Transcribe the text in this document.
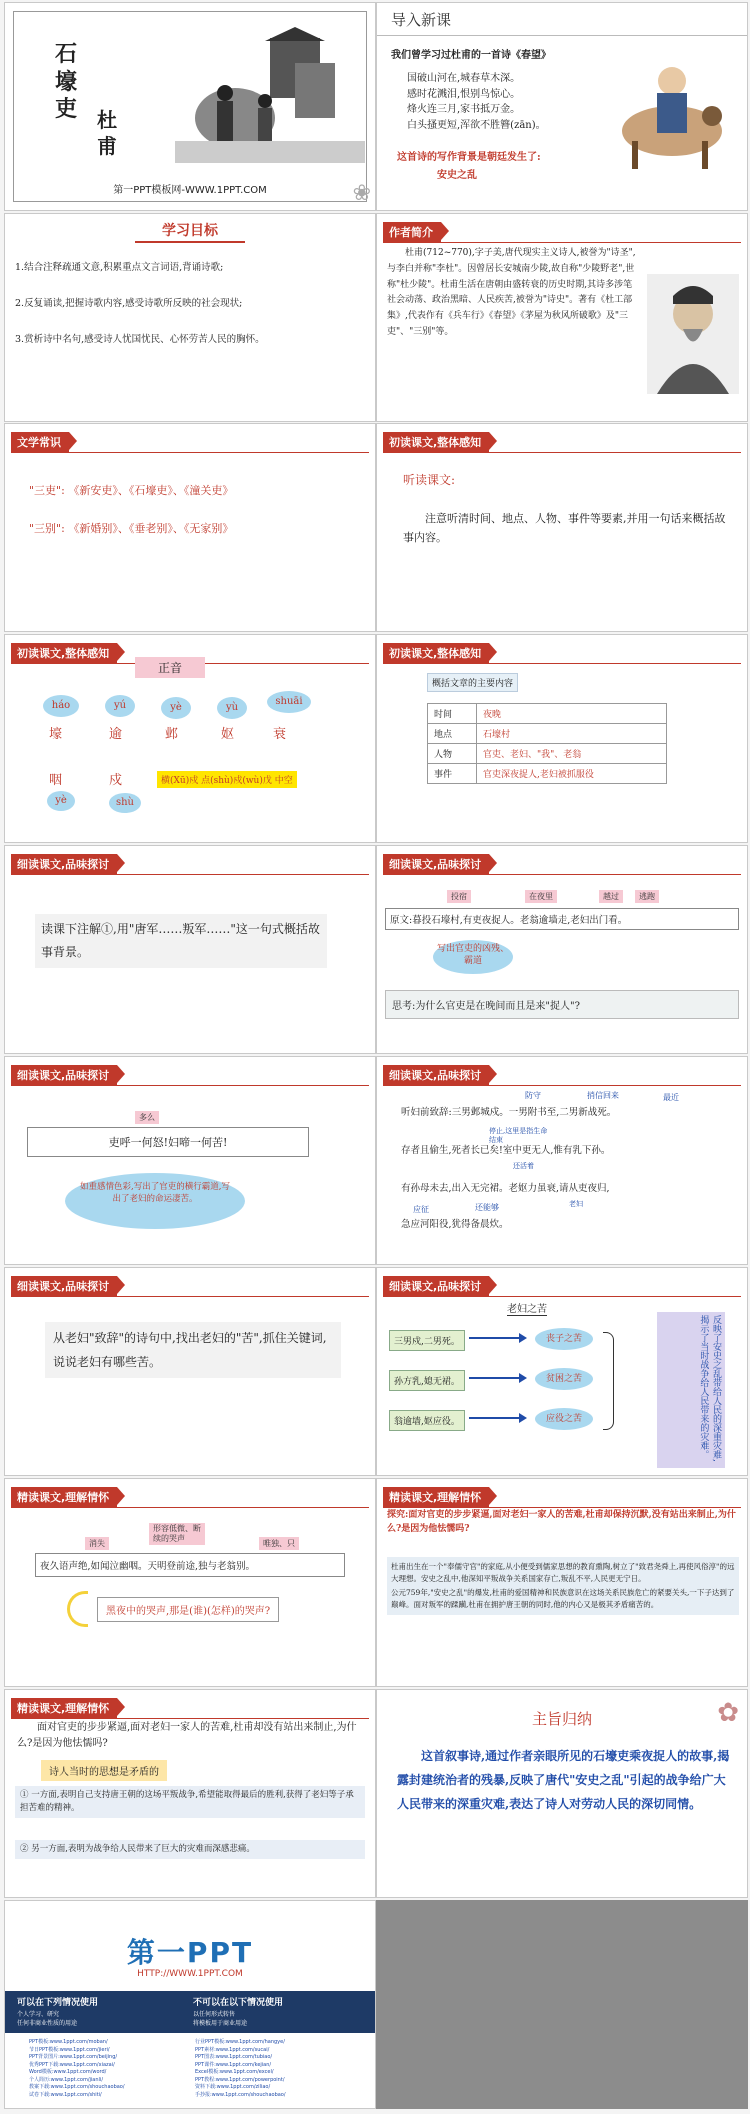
石
壕
吏 杜
甫
第一PPT模板网-WWW.1PPT.COM	❀
导入新课
我们曾学习过杜甫的一首诗《春望》
国破山河在,城春草木深。
感时花溅泪,恨别鸟惊心。
烽火连三月,家书抵万金。
白头搔更短,浑欲不胜簪(zān)。
这首诗的写作背景是朝廷发生了:
安史之乱
学习目标
1.结合注释疏通文意,积累重点文言词语,背诵诗歌;
2.反复诵读,把握诗歌内容,感受诗歌所反映的社会现状;
3.赏析诗中名句,感受诗人忧国忧民、心怀劳苦人民的胸怀。
作者简介
杜甫(712~770),字子美,唐代现实主义诗人,被誉为"诗圣",与李白并称"李杜"。因曾居长安城南少陵,故自称"少陵野老",世称"杜少陵"。杜甫生活在唐朝由盛转衰的历史时期,其诗多涉笔社会动荡、政治黑暗、人民疾苦,被誉为"诗史"。著有《杜工部集》,代表作有《兵车行》《春望》《茅屋为秋风所破歌》及"三吏"、"三别"等。
文学常识
"三吏": 《新安吏》、《石壕吏》、《潼关吏》
"三别": 《新婚别》、《垂老别》、《无家别》
初读课文,整体感知
听读课文:
注意听清时间、地点、人物、事件等要素,并用一句话来概括故事内容。
初读课文,整体感知
正音
háo	yú	yè	yù
shuāi
壕	逾	邺	妪	衰
咽	戍
yè	shù
横(Xū)戍 点(shù)戍(wù)戊 中空
初读课文,整体感知
概括文章的主要内容
时间	夜晚
地点	石壕村
人物	官吏、老妇、"我"、老翁
事件	官吏深夜捉人,老妇被抓服役
细读课文,品味探讨
读课下注解①,用"唐军……叛军……"这一句式概括故事背景。
细读课文,品味探讨
投宿	在夜里	越过	逃跑
原文:暮投石壕村,有吏夜捉人。老翁逾墙走,老妇出门看。
写出官吏的凶残、霸道
思考:为什么官吏是在晚间而且是来"捉人"?
细读课文,品味探讨
多么
吏呼一何怒!妇啼一何苦!
如重感情色彩,写出了官吏的横行霸道,写出了老妇的命运凄苦。
细读课文,品味探讨
防守	捎信回来	最近
听妇前致辞:三男邺城戍。一男附书至,二男新战死。
停止,这里是指生命结束
存者且偷生,死者长已矣!室中更无人,惟有乳下孙。
还活着
有孙母未去,出入无完裙。老妪力虽衰,请从吏夜归,
老妇
应征	还能够
急应河阳役,犹得备晨炊。
细读课文,品味探讨
从老妇"致辞"的诗句中,找出老妇的"苦",抓住关键词,说说老妇有哪些苦。
细读课文,品味探讨
老妇之苦
三男戍,二男死。
孙方乳,媳无裙。
翁逾墙,妪应役。
丧子之苦
贫困之苦
应役之苦	反映了安史之乱带给人民的深重灾难,揭示了当时战争给人民带来的灾难。
精读课文,理解情怀
消失
形容低微、断续的哭声
唯独、只
夜久语声绝,如闻泣幽咽。天明登前途,独与老翁别。
黑夜中的哭声,那是(谁)(怎样)的哭声?
精读课文,理解情怀
探究:面对官吏的步步紧逼,面对老妇一家人的苦难,杜甫却保持沉默,没有站出来制止,为什么?是因为他怯懦吗?
杜甫出生在一个"奉儒守官"的家庭,从小便受到儒家思想的教育熏陶,树立了"致君尧舜上,再使风俗淳"的远大理想。安史之乱中,他深知平叛战争关系国家存亡,叛乱不平,人民更无宁日。
公元759年,"安史之乱"的爆发,杜甫的爱国精神和民族意识在这场关系民族危亡的紧要关头,一下子达到了巅峰。面对叛军的蹂躏,杜甫在拥护唐王朝的同时,他的内心又是极其矛盾痛苦的。
精读课文,理解情怀
面对官吏的步步紧逼,面对老妇一家人的苦难,杜甫却没有站出来制止,为什么?是因为他怯懦吗?
诗人当时的思想是矛盾的
① 一方面,表明自己支持唐王朝的这场平叛战争,希望能取得最后的胜利,获得了老妇等子承担苦难的精神。
② 另一方面,表明为战争给人民带来了巨大的灾难而深感悲痛。
主旨归纳	✿
这首叙事诗,通过作者亲眼所见的石壕吏乘夜捉人的故事,揭露封建统治者的残暴,反映了唐代"安史之乱"引起的战争给广大人民带来的深重灾难,表达了诗人对劳动人民的深切同情。
第一PPT
HTTP://WWW.1PPT.COM
可以在下列情况使用
个人学习、研究
任何非商业性质的用途
不可以在以下情况使用
以任何形式转售
将模板用于商业用途
PPT模板:www.1ppt.com/moban/
节日PPT模板:www.1ppt.com/jieri/
PPT背景图片:www.1ppt.com/beijing/
优秀PPT下载:www.1ppt.com/xiazai/
Word模板:www.1ppt.com/word/
个人简历:www.1ppt.com/jianli/
教案下载:www.1ppt.com/shouchaobao/
试卷下载:www.1ppt.com/shiti/
行业PPT模板:www.1ppt.com/hangye/
PPT素材:www.1ppt.com/sucai/
PPT图表:www.1ppt.com/tubiao/
PPT课件:www.1ppt.com/kejian/
Excel模板:www.1ppt.com/excel/
PPT教程:www.1ppt.com/powerpoint/
资料下载:www.1ppt.com/ziliao/
手抄报:www.1ppt.com/shouchaobao/
